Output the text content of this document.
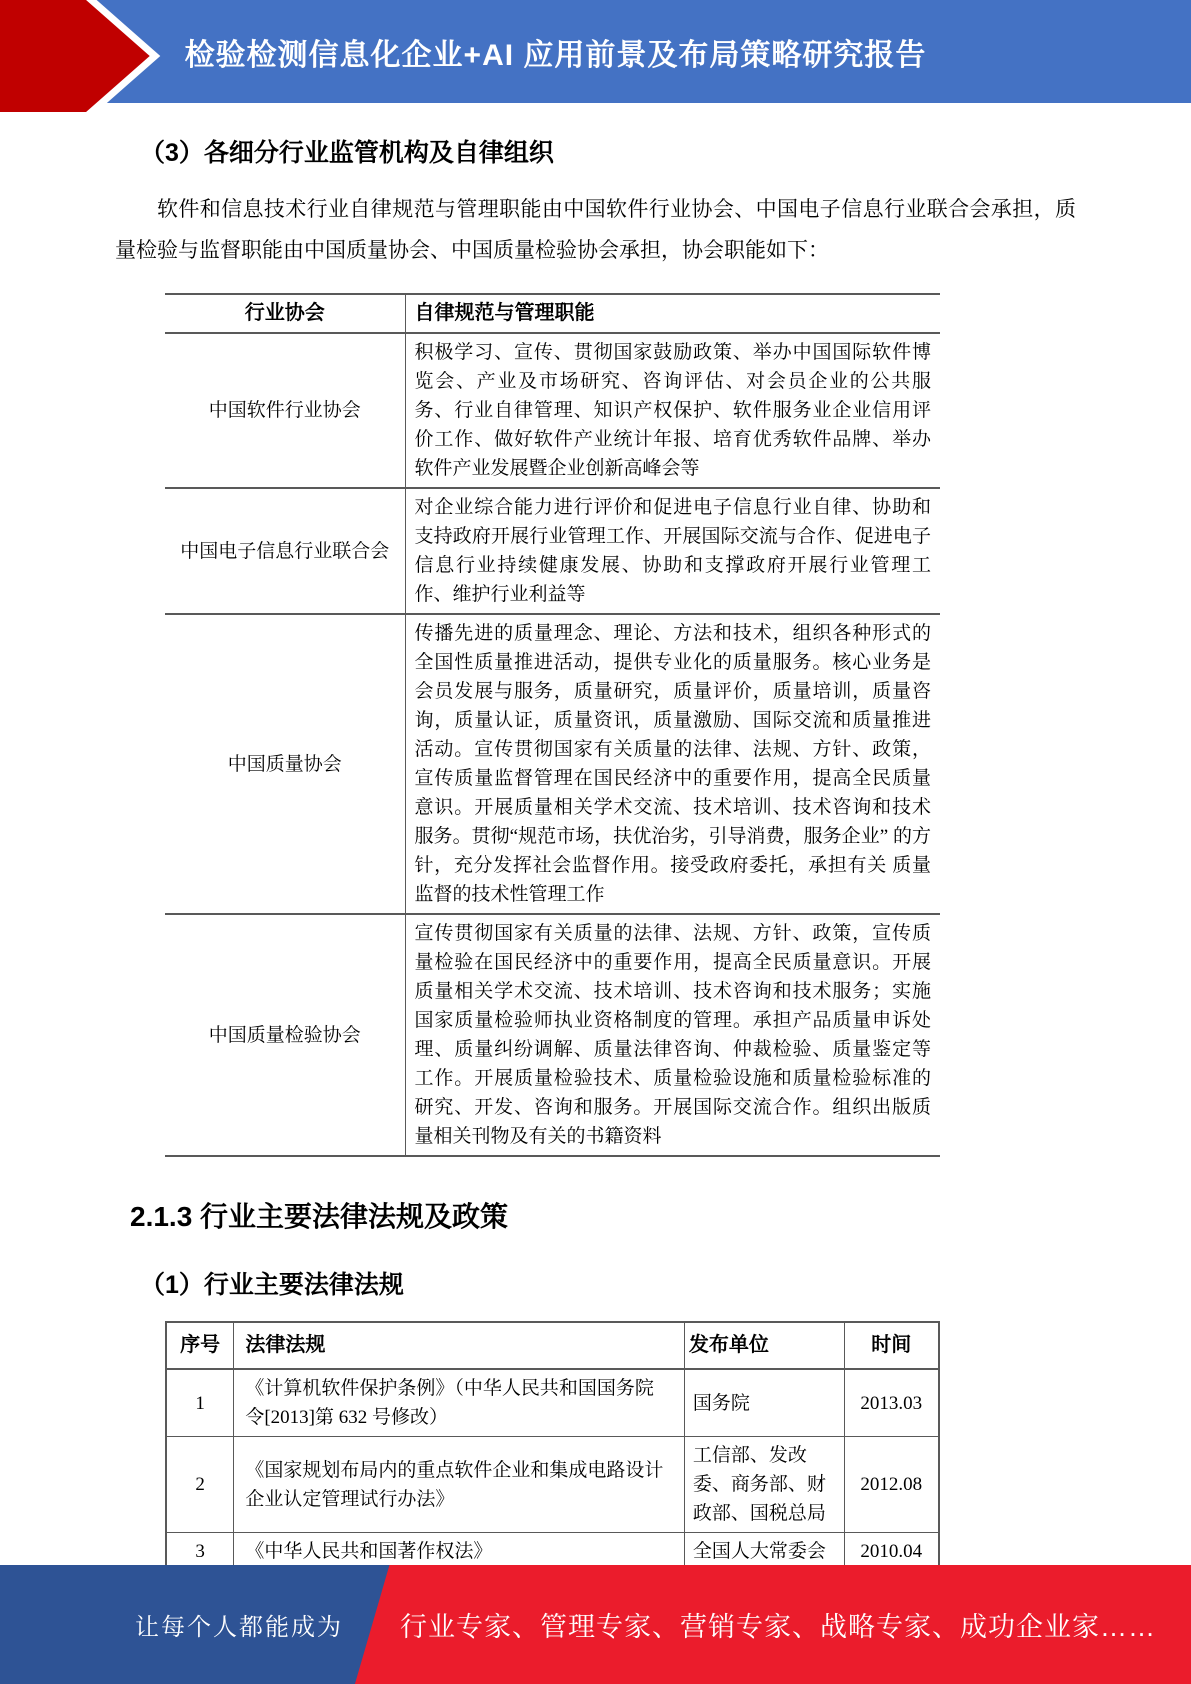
检验检测信息化企业+AI 应用前景及布局策略研究报告
（3）各细分行业监管机构及自律组织

软件和信息技术行业自律规范与管理职能由中国软件行业协会、中国电子信息行业联合会承担，质量检验与监督职能由中国质量协会、中国质量检验协会承担，协会职能如下：

行业协会	自律规范与管理职能
中国软件行业协会	积极学习、宣传、贯彻国家鼓励政策、举办中国国际软件博 览会、产业及市场研究、咨询评估、对会员企业的公共服 务、行业自律管理、知识产权保护、软件服务业企业信用评 价工作、做好软件产业统计年报、培育优秀软件品牌、举办 软件产业发展暨企业创新高峰会等
中国电子信息行业联合会	对企业综合能力进行评价和促进电子信息行业自律、协助和 支持政府开展行业管理工作、开展国际交流与合作、促进电子信息行业持续健康发展、协助和支撑政府开展行业管理工 作、维护行业利益等
中国质量协会	传播先进的质量理念、理论、方法和技术，组织各种形式的 全国性质量推进活动，提供专业化的质量服务。核心业务是 会员发展与服务，质量研究，质量评价，质量培训，质量咨 询，质量认证，质量资讯，质量激励、国际交流和质量推进 活动。宣传贯彻国家有关质量的法律、法规、方针、政策， 宣传质量监督管理在国民经济中的重要作用，提高全民质量 意识。开展质量相关学术交流、技术培训、技术咨询和技术 服务。贯彻“规范市场，扶优治劣，引导消费，服务企业” 的方针，充分发挥社会监督作用。接受政府委托，承担有关 质量监督的技术性管理工作
中国质量检验协会	宣传贯彻国家有关质量的法律、法规、方针、政策，宣传质 量检验在国民经济中的重要作用，提高全民质量意识。开展 质量相关学术交流、技术培训、技术咨询和技术服务；实施 国家质量检验师执业资格制度的管理。承担产品质量申诉处 理、质量纠纷调解、质量法律咨询、仲裁检验、质量鉴定等 工作。开展质量检验技术、质量检验设施和质量检验标准的 研究、开发、咨询和服务。开展国际交流合作。组织出版质 量相关刊物及有关的书籍资料
2.1.3 行业主要法律法规及政策
（1）行业主要法律法规
序号	法律法规	发布单位	时间
1	《计算机软件保护条例》（中华人民共和国国务院 令[2013]第 632 号修改）	国务院	2013.03
2	《国家规划布局内的重点软件企业和集成电路设计 企业认定管理试行办法》	工信部、发改委、商务部、财政部、国税总局	2012.08
3	《中华人民共和国著作权法》	全国人大常委会	2010.04
让每个人都能成为 行业专家、管理专家、营销专家、战略专家、成功企业家……
